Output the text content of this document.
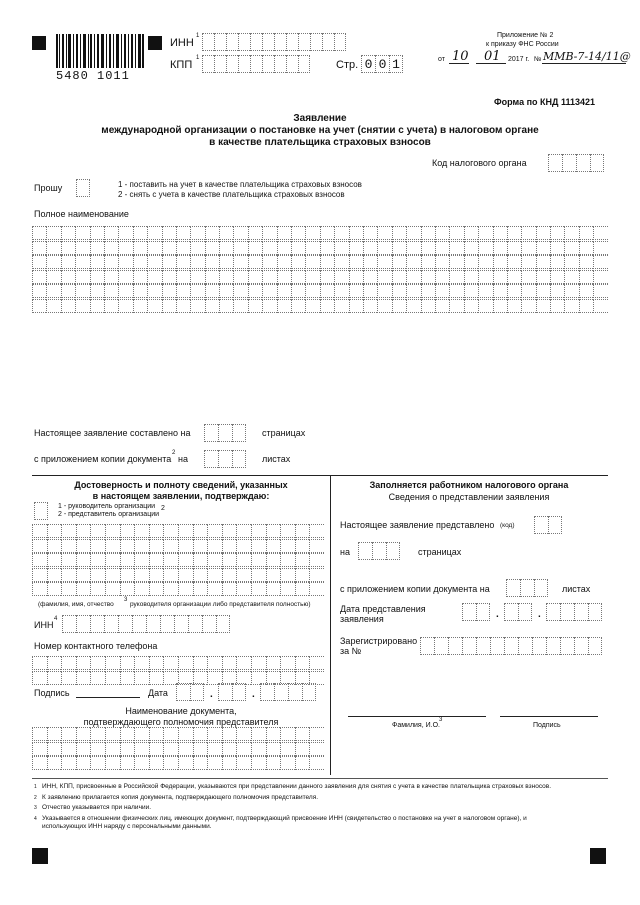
5480 1011
ИНН
1
КПП
1
Стр. 0 0 1
Приложение № 2
к приказу ФНС России
от 10 01 2017 г. № ММВ-7-14/11@
Форма по КНД 1113421
Заявление
международной организации о постановке на учет (снятии с учета) в налоговом органе
в качестве плательщика страховых взносов
Код налогового органа
Прошу	1 - поставить на учет в качестве плательщика страховых взносов
2 - снять с учета в качестве плательщика страховых взносов
Полное наименование
Настоящее заявление составлено на	страницах
с приложением копии документа
2
на	листах
Достоверность и полноту сведений, указанных
в настоящем заявлении, подтверждаю:
1 - руководитель организации
2 - представитель организации
2
(фамилия, имя, отчество
3
руководителя организации либо представителя полностью)
ИНН
4
Номер контактного телефона
Подпись	Дата	.	.
Наименование документа,
подтверждающего полномочия представителя
Заполняется работником налогового органа
Сведения о представлении заявления
Настоящее заявление представлено (код)
на	страницах
с приложением копии документа на	листах
Дата представления
заявления	.	.
Зарегистрировано
за №
Фамилия, И.О.
3
Подпись
1 ИНН, КПП, присвоенные в Российской Федерации, указываются при представлении данного заявления для снятия с учета в качестве плательщика страховых взносов.
2 К заявлению прилагается копия документа, подтверждающего полномочия представителя.
3 Отчество указывается при наличии.
4 Указывается в отношении физических лиц, имеющих документ, подтверждающий присвоение ИНН (свидетельство о постановке на учет в налоговом органе), и
использующих ИНН наряду с персональными данными.
